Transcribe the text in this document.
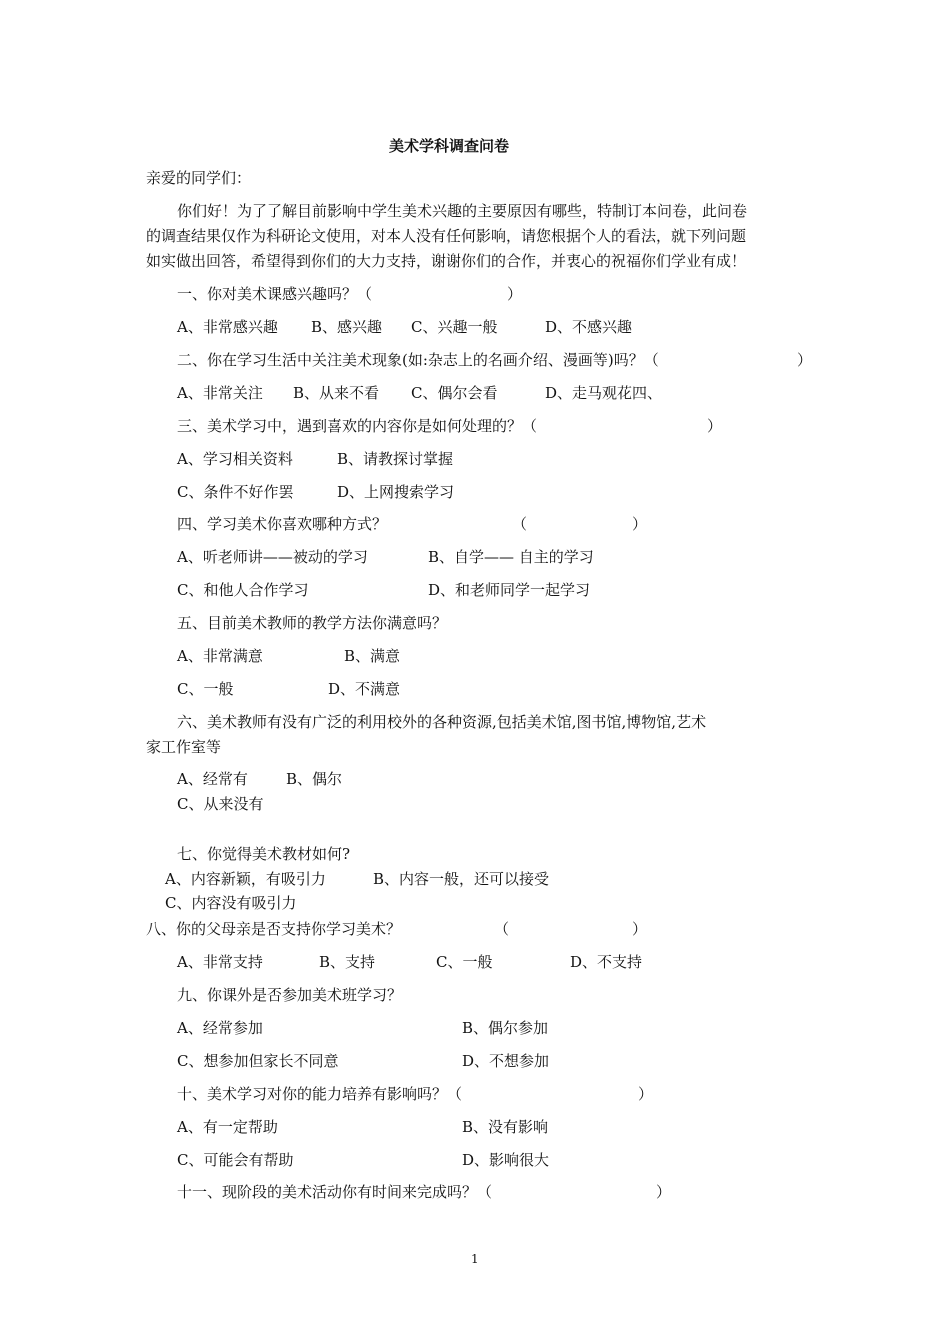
美术学科调查问卷
亲爱的同学们：
你们好！为了了解目前影响中学生美术兴趣的主要原因有哪些，特制订本问卷，此问卷
的调查结果仅作为科研论文使用，对本人没有任何影响，请您根据个人的看法，就下列问题
如实做出回答，希望得到你们的大力支持，谢谢你们的合作，并衷心的祝福你们学业有成！
一、你对美术课感兴趣吗？（	）
A、非常感兴趣 B、感兴趣 C、兴趣一般	D、不感兴趣
二、你在学习生活中关注美术现象(如:杂志上的名画介绍、漫画等)吗？（	）
A、非常关注 B、从来不看 C、偶尔会看	D、走马观花四、
三、美术学习中，遇到喜欢的内容你是如何处理的？（	）
A、学习相关资料	B、请教探讨掌握
C、条件不好作罢	D、上网搜索学习
四、学习美术你喜欢哪种方式？	（	）
A、听老师讲——被动的学习	B、自学—— 自主的学习
C、和他人合作学习	D、和老师同学一起学习
五、目前美术教师的教学方法你满意吗？
A、非常满意	B、满意
C、一般	D、不满意
六、美术教师有没有广泛的利用校外的各种资源,包括美术馆,图书馆,博物馆,艺术
家工作室等
A、经常有	B、偶尔
C、从来没有
七、你觉得美术教材如何?
A、内容新颖，有吸引力	B、内容一般，还可以接受
C、内容没有吸引力
八、你的父母亲是否支持你学习美术？	（	）
A、非常支持	B、支持	C、一般	D、不支持
九、你课外是否参加美术班学习？
A、经常参加	B、偶尔参加
C、想参加但家长不同意	D、不想参加
十、美术学习对你的能力培养有影响吗？（	）
A、有一定帮助	B、没有影响
C、可能会有帮助	D、影响很大
十一、现阶段的美术活动你有时间来完成吗？（	）
1
